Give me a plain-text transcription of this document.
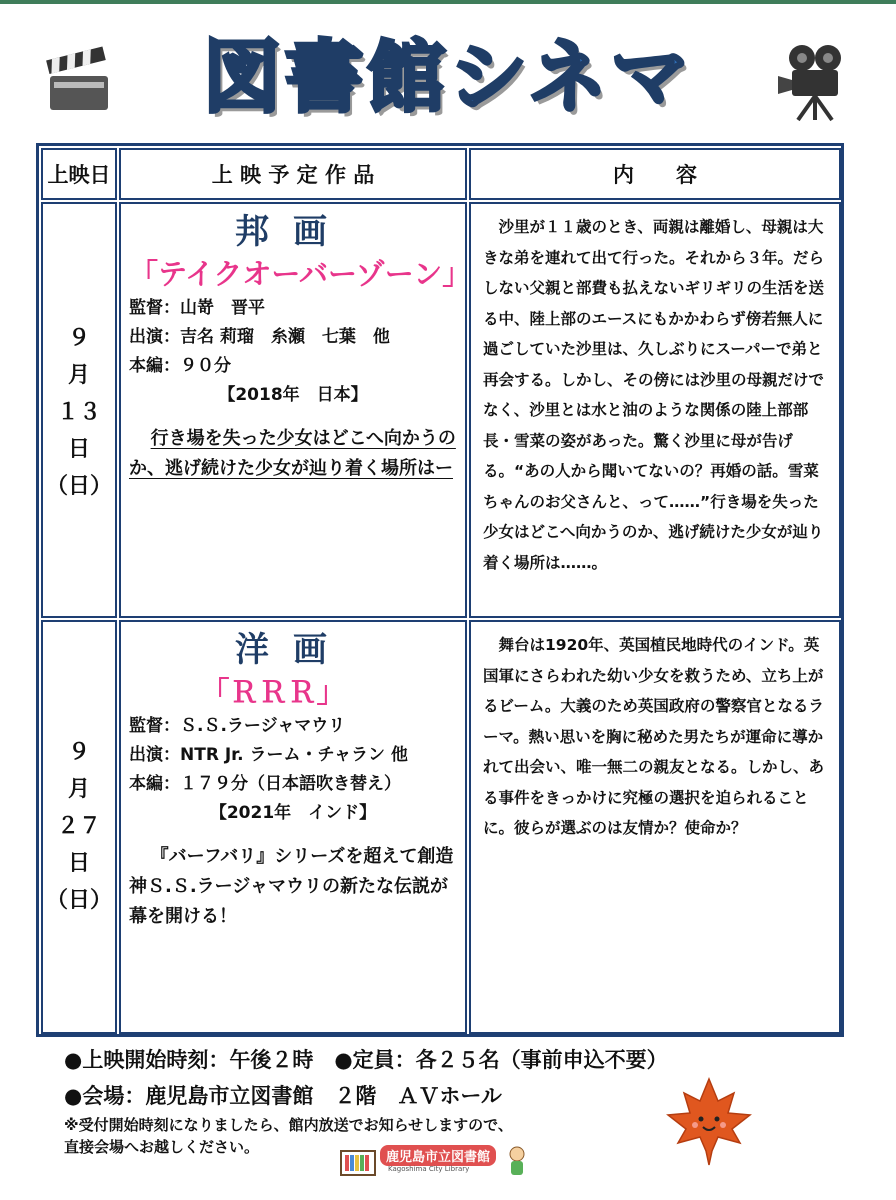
図書館シネマ
上映日	上 映 予 定 作 品	内　　容
９
月
１３
日
（日）
邦画
「テイクオーバーゾーン」
監督：山嵜　晋平
出演：吉名 莉瑠　糸瀬　七葉　他
本編：９０分
【2018年　日本】
行き場を失った少女はどこへ向かうのか、逃げ続けた少女が辿り着く場所はー
沙里が１１歳のとき、両親は離婚し、母親は大きな弟を連れて出て行った。それから３年。だらしない父親と部費も払えないギリギリの生活を送る中、陸上部のエースにもかかわらず傍若無人に過ごしていた沙里は、久しぶりにスーパーで弟と再会する。しかし、その傍には沙里の母親だけでなく、沙里とは水と油のような関係の陸上部部長・雪菜の姿があった。驚く沙里に母が告げる。“あの人から聞いてないの？再婚の話。雪菜ちゃんのお父さんと、って……”行き場を失った少女はどこへ向かうのか、逃げ続けた少女が辿り着く場所は……。
９
月
２７
日
（日）
洋画
「ＲＲＲ」
監督：Ｓ.Ｓ.ラージャマウリ
出演：NTR Jr. ラーム・チャラン 他
本編：１７９分（日本語吹き替え）
【2021年　インド】
『バーフバリ』シリーズを超えて創造神Ｓ.Ｓ.ラージャマウリの新たな伝説が幕を開ける！
舞台は1920年、英国植民地時代のインド。英国軍にさらわれた幼い少女を救うため、立ち上がるビーム。大義のため英国政府の警察官となるラーマ。熱い思いを胸に秘めた男たちが運命に導かれて出会い、唯一無二の親友となる。しかし、ある事件をきっかけに究極の選択を迫られることに。彼らが選ぶのは友情か？使命か？
●上映開始時刻：午後２時　●定員：各２５名（事前申込不要）
●会場：鹿児島市立図書館　２階　ＡＶホール
※受付開始時刻になりましたら、館内放送でお知らせしますので、
直接会場へお越しください。
鹿児島市立図書館
Kagoshima City Library
